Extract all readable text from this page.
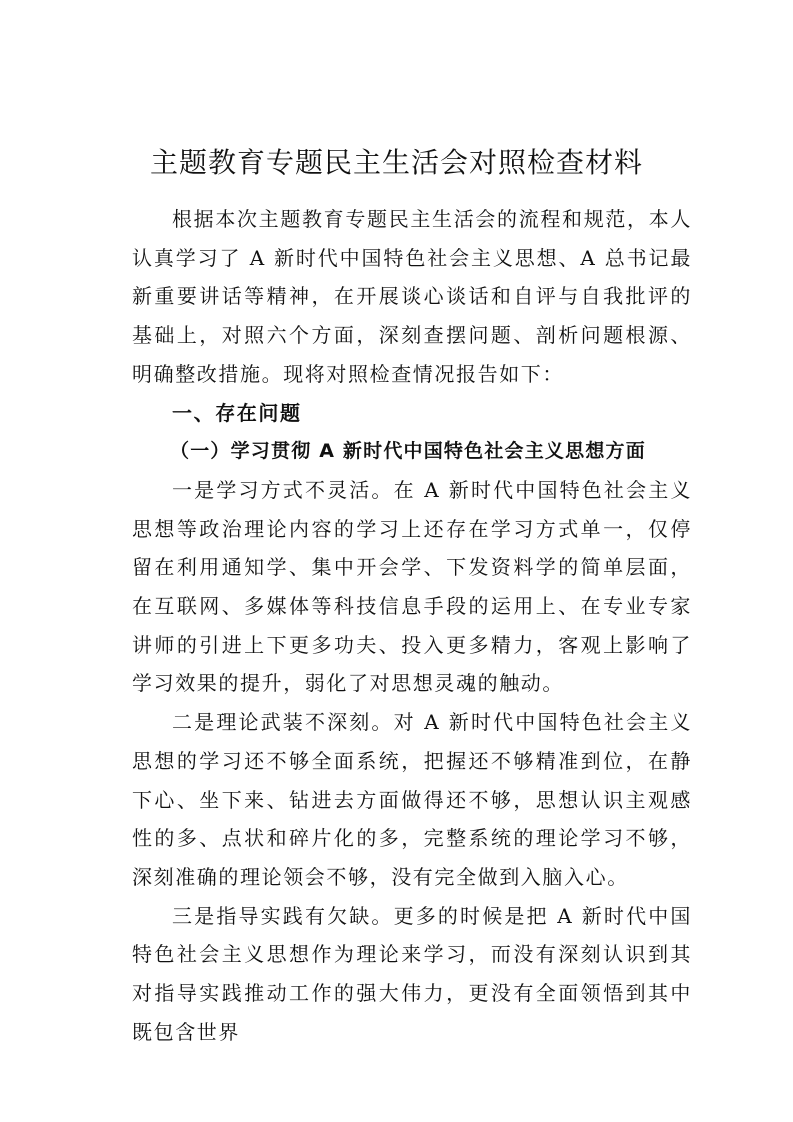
主题教育专题民主生活会对照检查材料

根据本次主题教育专题民主生活会的流程和规范，本人认真学习了 A 新时代中国特色社会主义思想、A 总书记最新重要讲话等精神，在开展谈心谈话和自评与自我批评的基础上，对照六个方面，深刻查摆问题、剖析问题根源、明确整改措施。现将对照检查情况报告如下：

一、存在问题

（一）学习贯彻 A 新时代中国特色社会主义思想方面

一是学习方式不灵活。在 A 新时代中国特色社会主义思想等政治理论内容的学习上还存在学习方式单一，仅停留在利用通知学、集中开会学、下发资料学的简单层面，在互联网、多媒体等科技信息手段的运用上、在专业专家讲师的引进上下更多功夫、投入更多精力，客观上影响了学习效果的提升，弱化了对思想灵魂的触动。

二是理论武装不深刻。对 A 新时代中国特色社会主义思想的学习还不够全面系统，把握还不够精准到位，在静下心、坐下来、钻进去方面做得还不够，思想认识主观感性的多、点状和碎片化的多，完整系统的理论学习不够，深刻准确的理论领会不够，没有完全做到入脑入心。

三是指导实践有欠缺。更多的时候是把 A 新时代中国特色社会主义思想作为理论来学习，而没有深刻认识到其对指导实践推动工作的强大伟力，更没有全面领悟到其中既包含世界
